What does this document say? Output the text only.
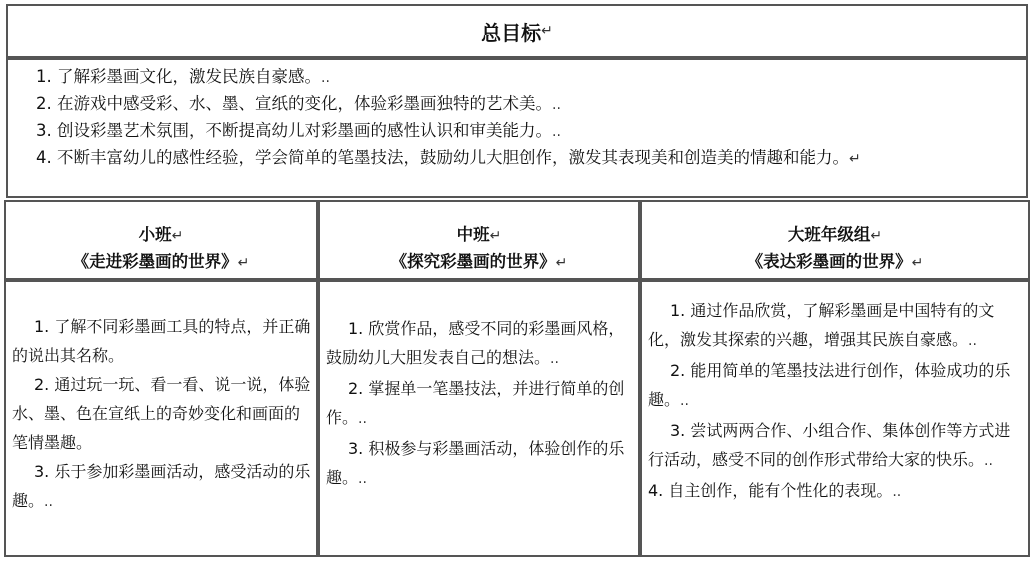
总目标 ↵

1. 了解彩墨画文化，激发民族自豪感。..

2. 在游戏中感受彩、水、墨、宣纸的变化，体验彩墨画独特的艺术美。..

3. 创设彩墨艺术氛围，不断提高幼儿对彩墨画的感性认识和审美能力。..

4. 不断丰富幼儿的感性经验，学会简单的笔墨技法，鼓励幼儿大胆创作，激发其表现美和创造美的情趣和能力。↵

小班↵
《走进彩墨画的世界》↵
中班↵
《探究彩墨画的世界》↵
大班年级组↵
《表达彩墨画的世界》↵

1. 了解不同彩墨画工具的特点，并正确的说出其名称。

2. 通过玩一玩、看一看、说一说，体验水、墨、色在宣纸上的奇妙变化和画面的笔情墨趣。

3. 乐于参加彩墨画活动，感受活动的乐趣。..

1. 欣赏作品，感受不同的彩墨画风格，鼓励幼儿大胆发表自己的想法。..

2. 掌握单一笔墨技法，并进行简单的创作。..

3. 积极参与彩墨画活动，体验创作的乐趣。..

1. 通过作品欣赏，了解彩墨画是中国特有的文化，激发其探索的兴趣，增强其民族自豪感。..

2. 能用简单的笔墨技法进行创作，体验成功的乐趣。..

3. 尝试两两合作、小组合作、集体创作等方式进行活动，感受不同的创作形式带给大家的快乐。..

4. 自主创作，能有个性化的表现。..
